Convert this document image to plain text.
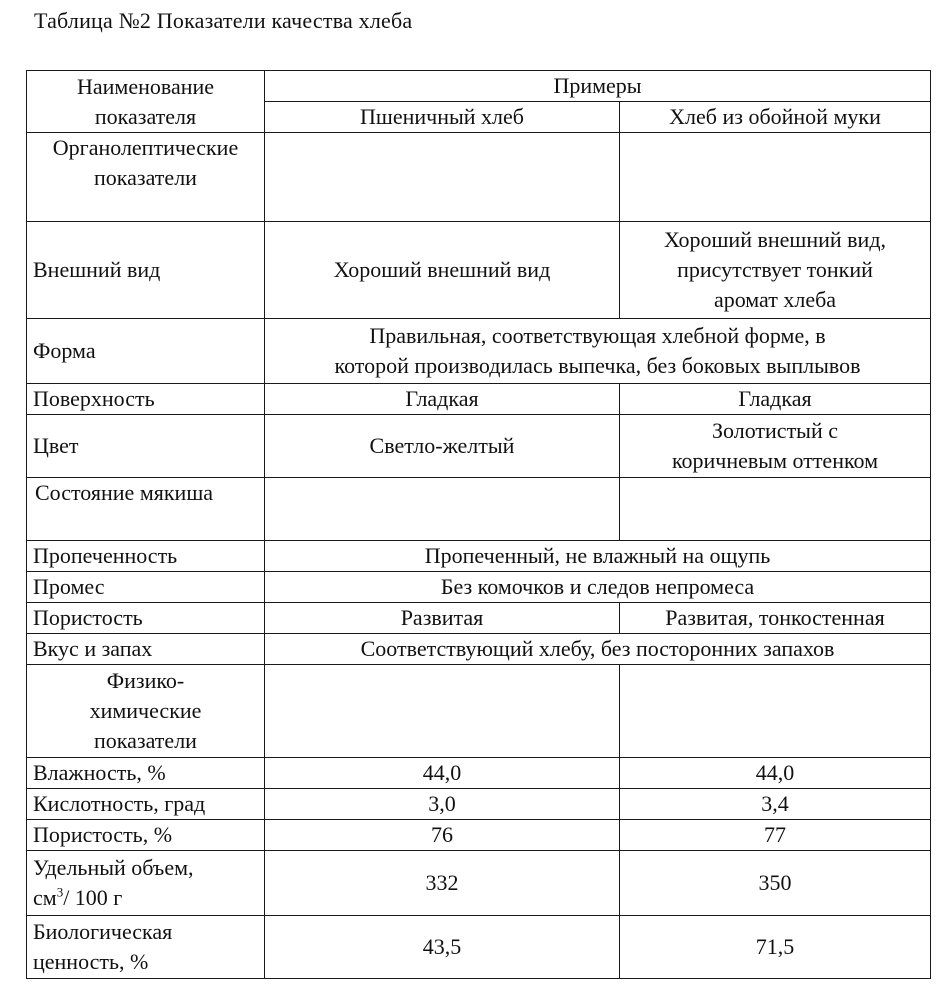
Таблица №2 Показатели качества хлеба
Наименование
показателя	Примеры	
	Пшеничный хлеб	Хлеб из обойной муки

Органолептические
показатели		

Внешний вид	Хороший внешний вид	Хороший внешний вид,
присутствует тонкий
аромат хлеба

Форма	Правильная, соответствующая хлебной форме, в
которой производилась выпечка, без боковых выплывов	

Поверхность	Гладкая	Гладкая
Цвет	Светло-желтый	Золотистый с
коричневым оттенком

Состояние мякиша		
Пропеченность	Пропеченный, не влажный на ощупь	
Промес	Без комочков и следов непромеса	
Пористость	Развитая	Развитая, тонкостенная
Вкус и запах	Соответствующий хлебу, без посторонних запахов	

Физико-
химические
показатели		

Влажность, %	44,0	44,0
Кислотность, град	3,0	3,4
Пористость, %	76	77

Удельный объем,
$см^3/$ 100 г	332	350

Биологическая
ценность, %	43,5	71,5
